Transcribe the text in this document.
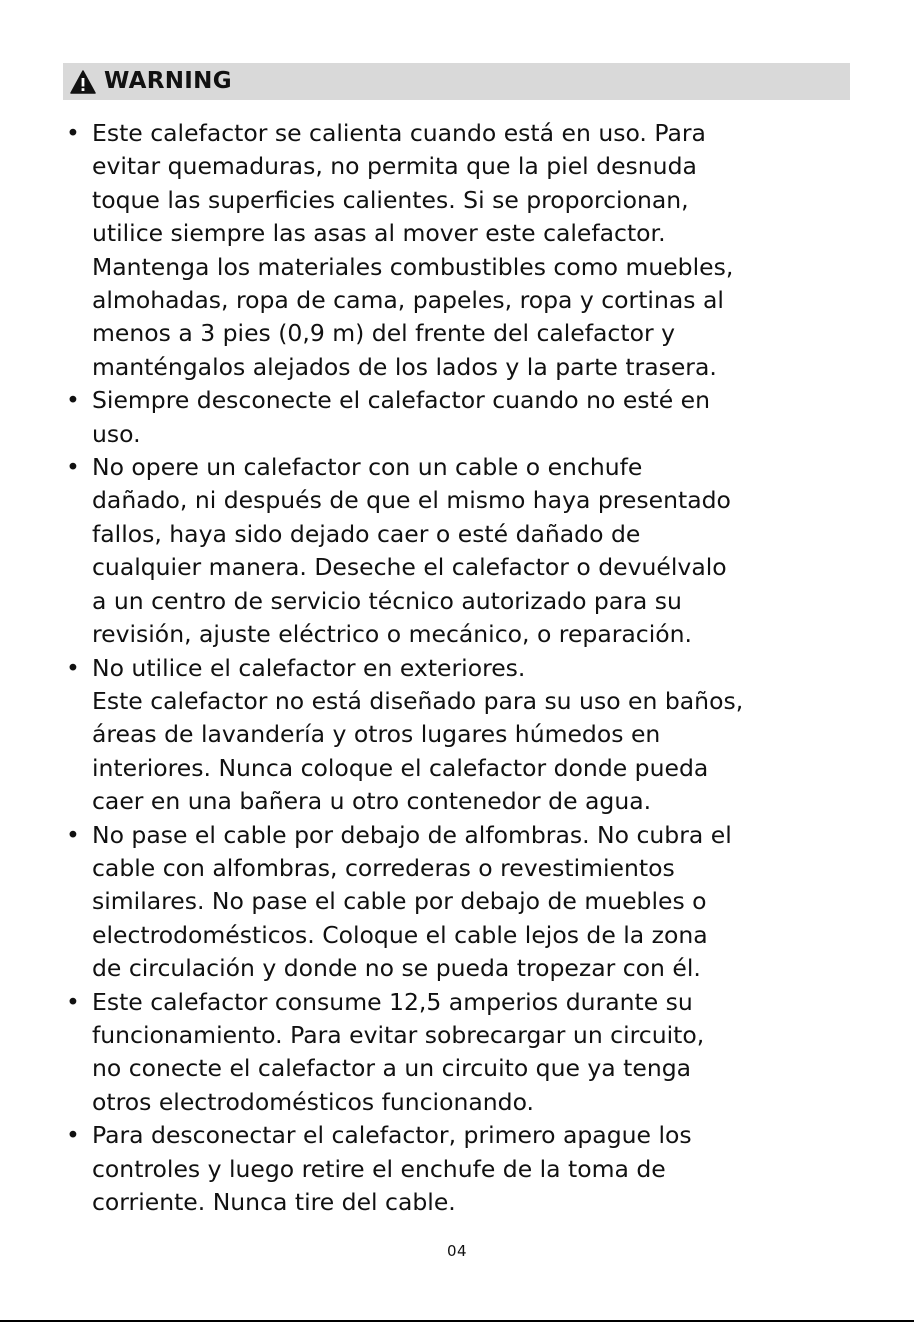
WARNING
• Este calefactor se calienta cuando está en uso. Para
evitar quemaduras, no permita que la piel desnuda
toque las superficies calientes. Si se proporcionan,
utilice siempre las asas al mover este calefactor.
Mantenga los materiales combustibles como muebles,
almohadas, ropa de cama, papeles, ropa y cortinas al
menos a 3 pies (0,9 m) del frente del calefactor y
manténgalos alejados de los lados y la parte trasera.
• Siempre desconecte el calefactor cuando no esté en
uso.
• No opere un calefactor con un cable o enchufe
dañado, ni después de que el mismo haya presentado
fallos, haya sido dejado caer o esté dañado de
cualquier manera. Deseche el calefactor o devuélvalo
a un centro de servicio técnico autorizado para su
revisión, ajuste eléctrico o mecánico, o reparación.
• No utilice el calefactor en exteriores.
Este calefactor no está diseñado para su uso en baños,
áreas de lavandería y otros lugares húmedos en
interiores. Nunca coloque el calefactor donde pueda
caer en una bañera u otro contenedor de agua.
• No pase el cable por debajo de alfombras. No cubra el
cable con alfombras, correderas o revestimientos
similares. No pase el cable por debajo de muebles o
electrodomésticos. Coloque el cable lejos de la zona
de circulación y donde no se pueda tropezar con él.
• Este calefactor consume 12,5 amperios durante su
funcionamiento. Para evitar sobrecargar un circuito,
no conecte el calefactor a un circuito que ya tenga
otros electrodomésticos funcionando.
• Para desconectar el calefactor, primero apague los
controles y luego retire el enchufe de la toma de
corriente. Nunca tire del cable.
04
